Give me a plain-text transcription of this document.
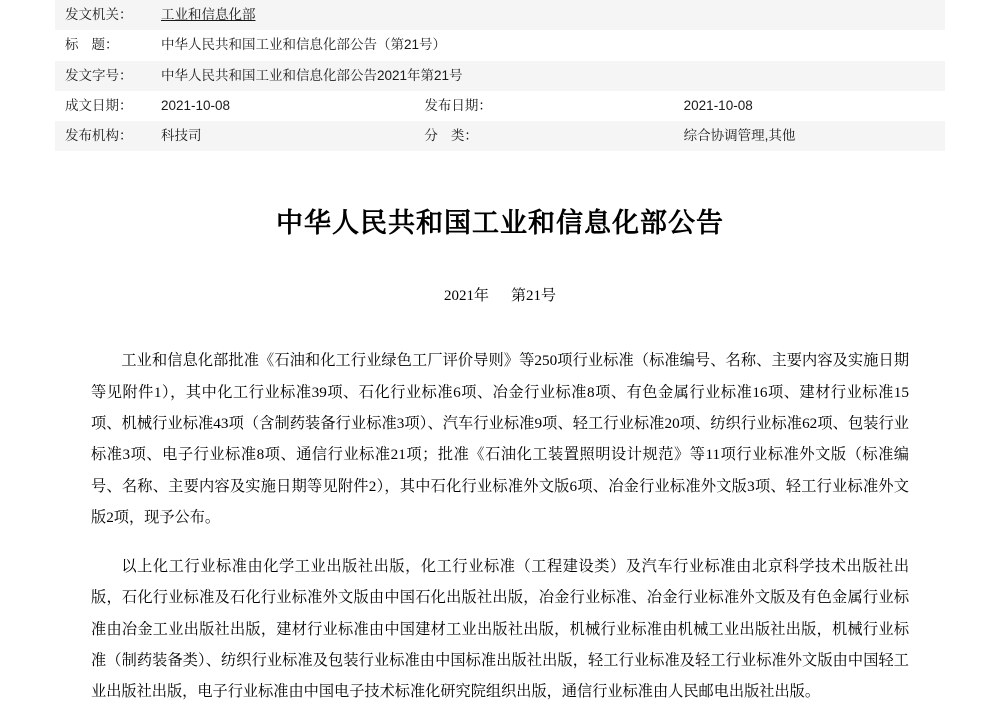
发文机关：	工业和信息化部		
标题：	中华人民共和国工业和信息化部公告（第21号）		
发文字号：	中华人民共和国工业和信息化部公告2021年第21号		
成文日期：	2021-10-08	发布日期：	2021-10-08
发布机构：	科技司	分类：	综合协调管理,其他
中华人民共和国工业和信息化部公告
2021年 第21号

工业和信息化部批准《石油和化工行业绿色工厂评价导则》等250项行业标准（标准编号、名称、主要内容及实施日期等见附件1），其中化工行业标准39项、石化行业标准6项、冶金行业标准8项、有色金属行业标准16项、建材行业标准15项、机械行业标准43项（含制药装备行业标准3项）、汽车行业标准9项、轻工行业标准20项、纺织行业标准62项、包装行业标准3项、电子行业标准8项、通信行业标准21项；批准《石油化工装置照明设计规范》等11项行业标准外文版（标准编号、名称、主要内容及实施日期等见附件2），其中石化行业标准外文版6项、冶金行业标准外文版3项、轻工行业标准外文版2项，现予公布。

以上化工行业标准由化学工业出版社出版，化工行业标准（工程建设类）及汽车行业标准由北京科学技术出版社出版，石化行业标准及石化行业标准外文版由中国石化出版社出版，冶金行业标准、冶金行业标准外文版及有色金属行业标准由冶金工业出版社出版，建材行业标准由中国建材工业出版社出版，机械行业标准由机械工业出版社出版，机械行业标准（制药装备类）、纺织行业标准及包装行业标准由中国标准出版社出版，轻工行业标准及轻工行业标准外文版由中国轻工业出版社出版，电子行业标准由中国电子技术标准化研究院组织出版，通信行业标准由人民邮电出版社出版。
